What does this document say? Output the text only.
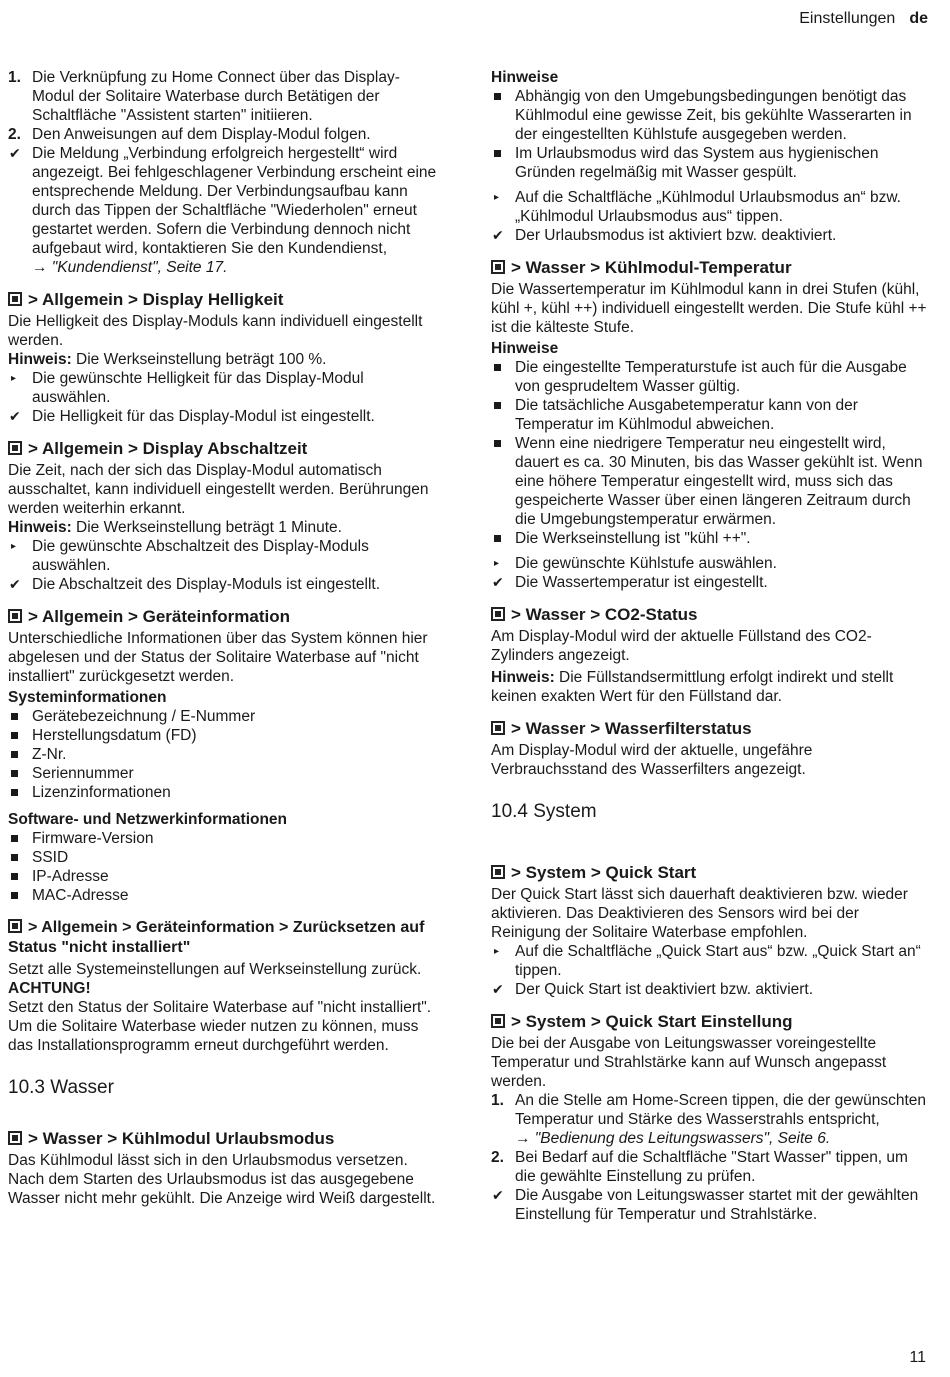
Einstellungen de
1. Die Verknüpfung zu Home Connect über das Display-Modul der Solitaire Waterbase durch Betätigen der Schaltfläche "Assistent starten" initiieren.
2. Den Anweisungen auf dem Display-Modul folgen.
✔ Die Meldung „Verbindung erfolgreich hergestellt“ wird angezeigt. Bei fehlgeschlagener Verbindung erscheint eine entsprechende Meldung. Der Verbindungsaufbau kann durch das Tippen der Schaltfläche "Wiederholen" erneut gestartet werden. Sofern die Verbindung dennoch nicht aufgebaut wird, kontaktieren Sie den Kundendienst,

→ "Kundendienst", Seite 17.

> Allgemein > Display Helligkeit

Die Helligkeit des Display-Moduls kann individuell eingestellt werden.

Hinweis: Die Werkseinstellung beträgt 100 %.

▸	Die gewünschte Helligkeit für das Display-Modul auswählen.
✔ Die Helligkeit für das Display-Modul ist eingestellt.
> Allgemein > Display Abschaltzeit

Die Zeit, nach der sich das Display-Modul automatisch ausschaltet, kann individuell eingestellt werden. Berührungen werden weiterhin erkannt.

Hinweis: Die Werkseinstellung beträgt 1 Minute.

▸	Die gewünschte Abschaltzeit des Display-Moduls auswählen.
✔ Die Abschaltzeit des Display-Moduls ist eingestellt.
> Allgemein > Geräteinformation

Unterschiedliche Informationen über das System können hier abgelesen und der Status der Solitaire Waterbase auf "nicht installiert" zurückgesetzt werden.

Systeminformationen

Gerätebezeichnung / E-Nummer
Herstellungsdatum (FD)
Z-Nr.
Seriennummer
Lizenzinformationen

Software- und Netzwerkinformationen

Firmware-Version
SSID
IP-Adresse
MAC-Adresse
> Allgemein > Geräteinformation > Zurücksetzen auf Status "nicht installiert"

Setzt alle Systemeinstellungen auf Werkseinstellung zurück.

ACHTUNG!

Setzt den Status der Solitaire Waterbase auf "nicht installiert". Um die Solitaire Waterbase wieder nutzen zu können, muss das Installationsprogramm erneut durchgeführt werden.

10.3 Wasser
> Wasser > Kühlmodul Urlaubsmodus

Das Kühlmodul lässt sich in den Urlaubsmodus versetzen. Nach dem Starten des Urlaubsmodus ist das ausgegebene Wasser nicht mehr gekühlt. Die Anzeige wird Weiß dargestellt.

Hinweise

Abhängig von den Umgebungsbedingungen benötigt das Kühlmodul eine gewisse Zeit, bis gekühlte Wasserarten in der eingestellten Kühlstufe ausgegeben werden.
Im Urlaubsmodus wird das System aus hygienischen Gründen regelmäßig mit Wasser gespült.
▸	Auf die Schaltfläche „Kühlmodul Urlaubsmodus an“ bzw. „Kühlmodul Urlaubsmodus aus“ tippen.
✔ Der Urlaubsmodus ist aktiviert bzw. deaktiviert.
> Wasser > Kühlmodul-Temperatur

Die Wassertemperatur im Kühlmodul kann in drei Stufen (kühl, kühl +, kühl ++) individuell eingestellt werden. Die Stufe kühl ++ ist die kälteste Stufe.

Hinweise

Die eingestellte Temperaturstufe ist auch für die Ausgabe von gesprudeltem Wasser gültig.
Die tatsächliche Ausgabetemperatur kann von der Temperatur im Kühlmodul abweichen.
Wenn eine niedrigere Temperatur neu eingestellt wird, dauert es ca. 30 Minuten, bis das Wasser gekühlt ist. Wenn eine höhere Temperatur eingestellt wird, muss sich das gespeicherte Wasser über einen längeren Zeitraum durch die Umgebungstemperatur erwärmen.
Die Werkseinstellung ist "kühl ++".
▸	Die gewünschte Kühlstufe auswählen.
✔ Die Wassertemperatur ist eingestellt.
> Wasser > CO2-Status

Am Display-Modul wird der aktuelle Füllstand des CO2-Zylinders angezeigt.

Hinweis: Die Füllstandsermittlung erfolgt indirekt und stellt keinen exakten Wert für den Füllstand dar.

> Wasser > Wasserfilterstatus

Am Display-Modul wird der aktuelle, ungefähre Verbrauchsstand des Wasserfilters angezeigt.

10.4 System
> System > Quick Start

Der Quick Start lässt sich dauerhaft deaktivieren bzw. wieder aktivieren. Das Deaktivieren des Sensors wird bei der Reinigung der Solitaire Waterbase empfohlen.

▸	Auf die Schaltfläche „Quick Start aus“ bzw. „Quick Start an“ tippen.
✔ Der Quick Start ist deaktiviert bzw. aktiviert.
> System > Quick Start Einstellung

Die bei der Ausgabe von Leitungswasser voreingestellte Temperatur und Strahlstärke kann auf Wunsch angepasst werden.

1. An die Stelle am Home-Screen tippen, die der gewünschten Temperatur und Stärke des Wasserstrahls entspricht,

→ "Bedienung des Leitungswassers", Seite 6.

2. Bei Bedarf auf die Schaltfläche "Start Wasser" tippen, um die gewählte Einstellung zu prüfen.
✔ Die Ausgabe von Leitungswasser startet mit der gewählten Einstellung für Temperatur und Strahlstärke.
11
